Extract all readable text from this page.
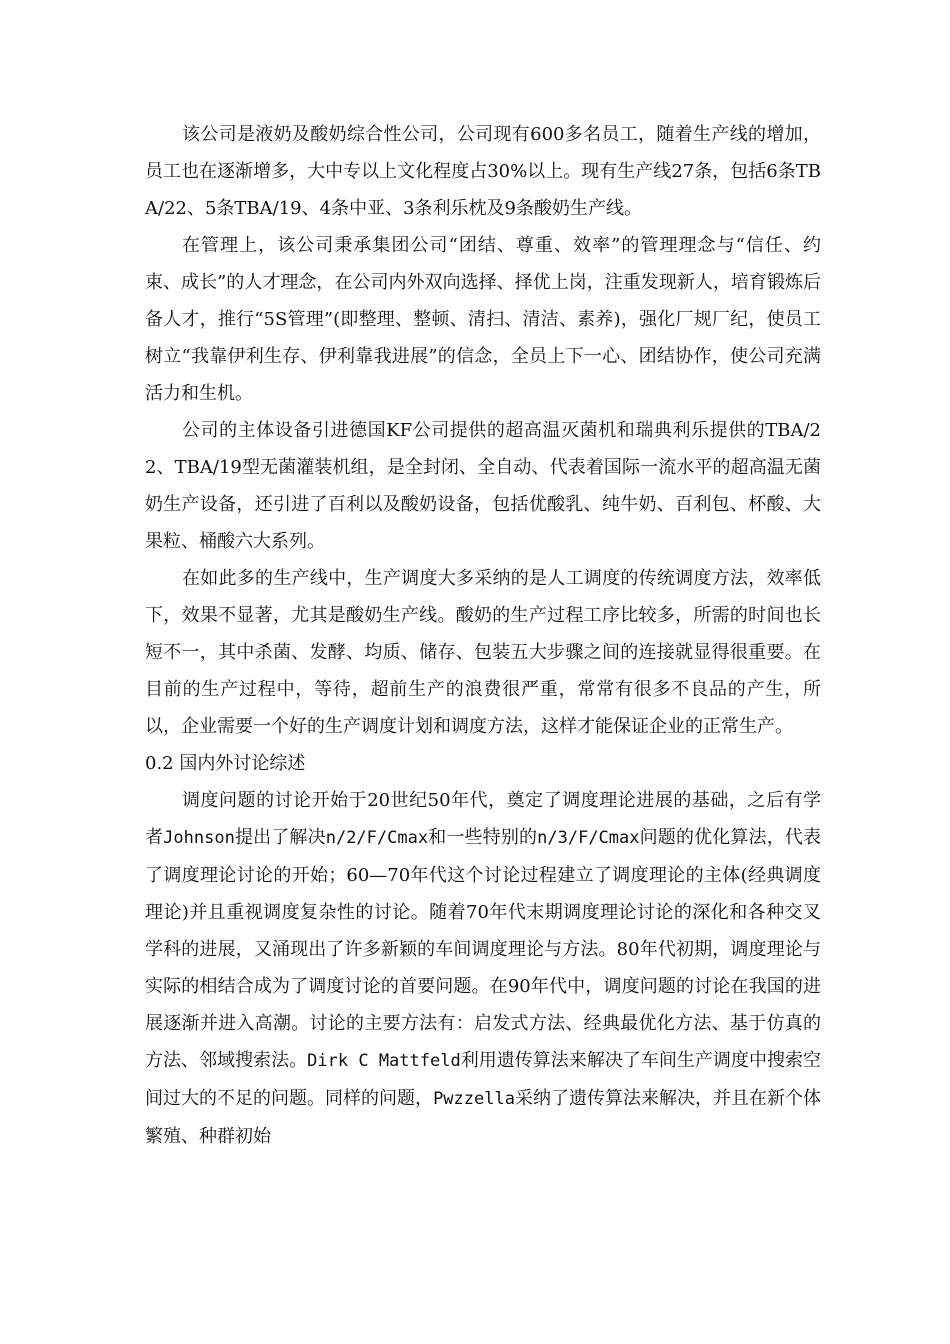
该公司是液奶及酸奶综合性公司，公司现有600多名员工，随着生产线的增加，员工也在逐渐增多，大中专以上文化程度占30%以上。现有生产线27条，包括6条TBA/22、5条TBA/19、4条中亚、3条利乐枕及9条酸奶生产线。

在管理上，该公司秉承集团公司“团结、尊重、效率”的管理理念与“信任、约束、成长”的人才理念，在公司内外双向选择、择优上岗，注重发现新人，培育锻炼后备人才，推行“5S管理”(即整理、整顿、清扫、清洁、素养)，强化厂规厂纪，使员工树立“我靠伊利生存、伊利靠我进展”的信念，全员上下一心、团结协作，使公司充满活力和生机。

公司的主体设备引进德国KF公司提供的超高温灭菌机和瑞典利乐提供的TBA/22、TBA/19型无菌灌装机组，是全封闭、全自动、代表着国际一流水平的超高温无菌奶生产设备，还引进了百利以及酸奶设备，包括优酸乳、纯牛奶、百利包、杯酸、大果粒、桶酸六大系列。

在如此多的生产线中，生产调度大多采纳的是人工调度的传统调度方法，效率低下，效果不显著，尤其是酸奶生产线。酸奶的生产过程工序比较多，所需的时间也长短不一，其中杀菌、发酵、均质、储存、包装五大步骤之间的连接就显得很重要。在目前的生产过程中，等待，超前生产的浪费很严重，常常有很多不良品的产生，所以，企业需要一个好的生产调度计划和调度方法，这样才能保证企业的正常生产。

0.2 国内外讨论综述

调度问题的讨论开始于20世纪50年代，奠定了调度理论进展的基础，之后有学者Johnson提出了解决n/2/F/Cmax和一些特别的n/3/F/Cmax问题的优化算法，代表了调度理论讨论的开始；60—70年代这个讨论过程建立了调度理论的主体(经典调度理论)并且重视调度复杂性的讨论。随着70年代末期调度理论讨论的深化和各种交叉学科的进展，又涌现出了许多新颖的车间调度理论与方法。80年代初期，调度理论与实际的相结合成为了调度讨论的首要问题。在90年代中，调度问题的讨论在我国的进展逐渐并进入高潮。讨论的主要方法有：启发式方法、经典最优化方法、基于仿真的方法、邻域搜索法。Dirk C Mattfeld利用遗传算法来解决了车间生产调度中搜索空间过大的不足的问题。同样的问题，Pwzzella采纳了遗传算法来解决，并且在新个体繁殖、种群初始
